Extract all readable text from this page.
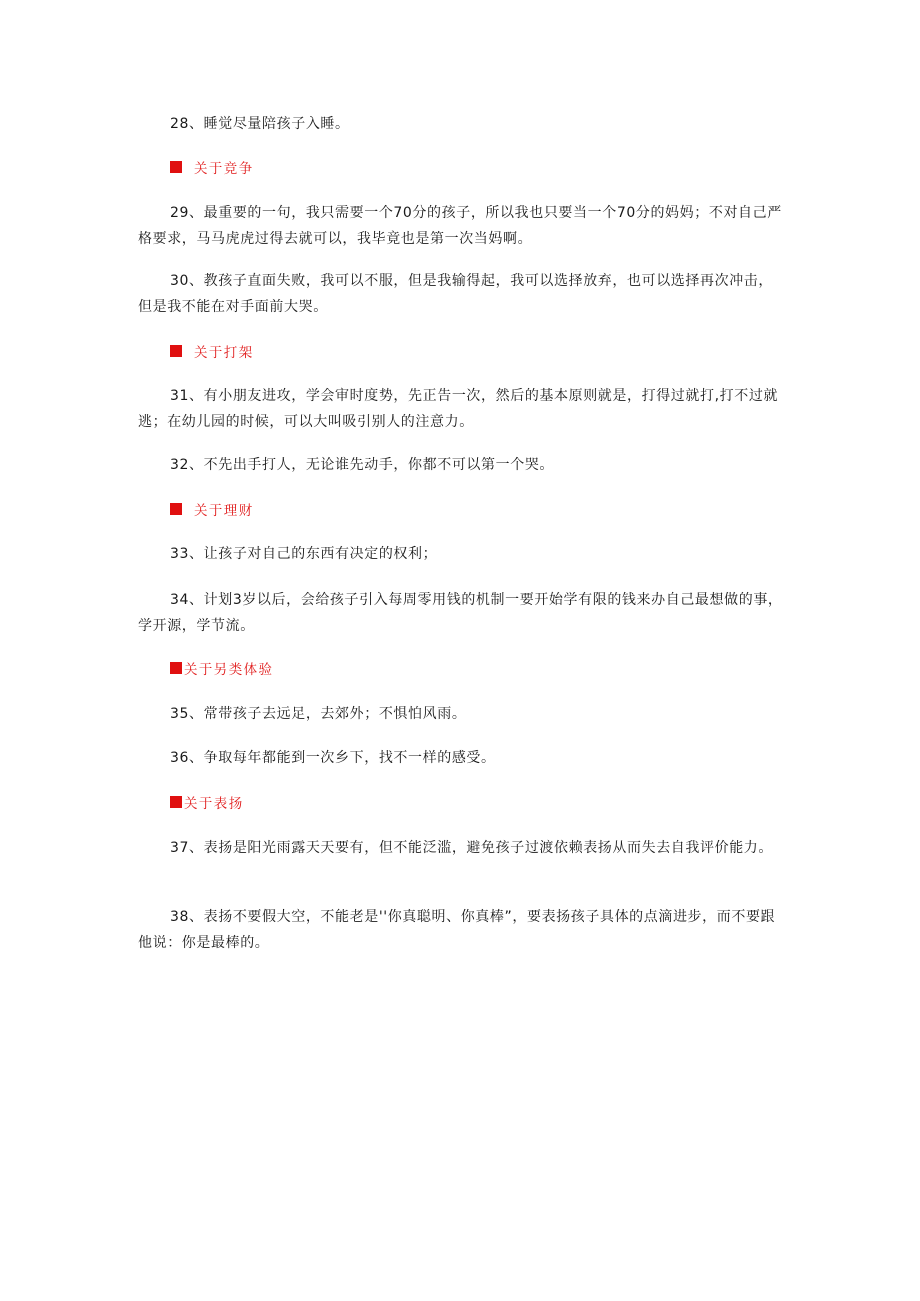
28、睡觉尽量陪孩子入睡。
关于竞争
29、最重要的一句，我只需要一个70分的孩子，所以我也只要当一个70分的妈妈；不对自己严格要求，马马虎虎过得去就可以，我毕竟也是第一次当妈啊。
30、教孩子直面失败，我可以不服，但是我输得起，我可以选择放弃，也可以选择再次冲击，但是我不能在对手面前大哭。
关于打架
31、有小朋友进攻，学会审时度势，先正告一次，然后的基本原则就是，打得过就打,打不过就逃；在幼儿园的时候，可以大叫吸引别人的注意力。
32、不先出手打人，无论谁先动手，你都不可以第一个哭。
关于理财
33、让孩子对自己的东西有决定的权利；
34、计划3岁以后，会给孩子引入每周零用钱的机制一要开始学有限的钱来办自己最想做的事，学开源，学节流。
关于另类体验
35、常带孩子去远足，去郊外；不惧怕风雨。
36、争取每年都能到一次乡下，找不一样的感受。
关于表扬
37、表扬是阳光雨露天天要有，但不能泛滥，避免孩子过渡依赖表扬从而失去自我评价能力。
38、表扬不要假大空，不能老是''你真聪明、你真棒”，要表扬孩子具体的点滴进步，而不要跟他说：你是最棒的。
